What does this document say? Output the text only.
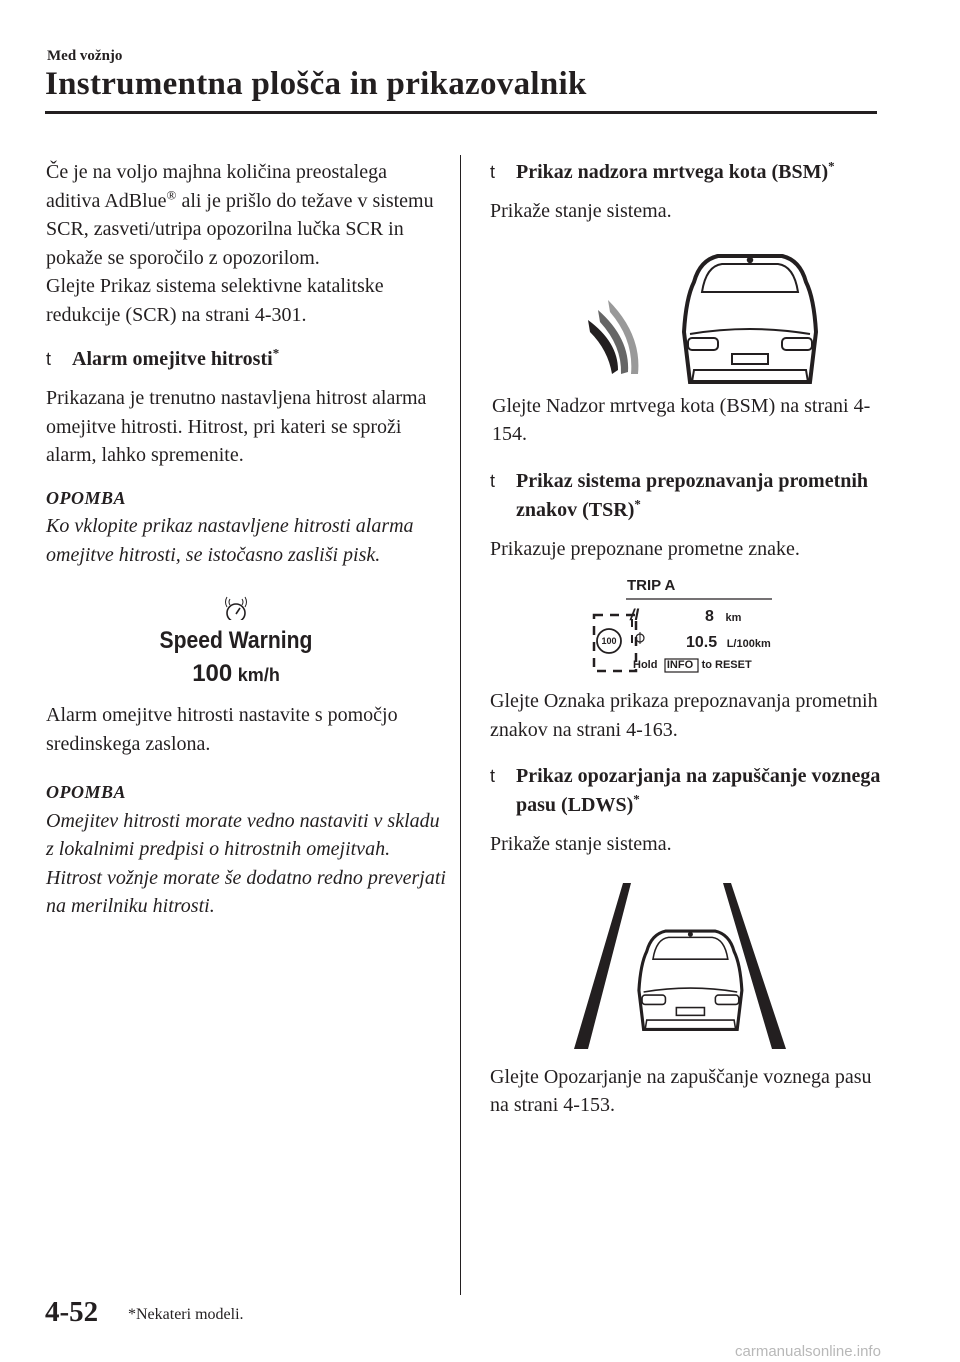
Med vožnjo
Instrumentna plošča in prikazovalnik

Če je na voljo majhna količina preostalega aditiva AdBlue® ali je prišlo do težave v sistemu SCR, zasveti/utripa opozorilna lučka SCR in pokaže se sporočilo z opozorilom.

Glejte Prikaz sistema selektivne katalitske redukcije (SCR) na strani 4-301.

t Alarm omejitve hitrosti*

Prikazana je trenutno nastavljena hitrost alarma omejitve hitrosti. Hitrost, pri kateri se sproži alarm, lahko spremenite.

OPOMBA

Ko vklopite prikaz nastavljene hitrosti alarma omejitve hitrosti, se istočasno zasliši pisk.

Speed Warning
100 km/h

Alarm omejitve hitrosti nastavite s pomočjo sredinskega zaslona.

OPOMBA

Omejitev hitrosti morate vedno nastaviti v skladu z lokalnimi predpisi o hitrostnih omejitvah. Hitrost vožnje morate še dodatno redno preverjati na merilniku hitrosti.

t Prikaz nadzora mrtvega kota (BSM)*

Prikaže stanje sistema.

Glejte Nadzor mrtvega kota (BSM) na strani 4-154.

t Prikaz sistema prepoznavanja prometnih znakov (TSR)*

Prikazuje prepoznane prometne znake.

TRIP A
/l
100
8 km
10.5 L/100km
Hold INFO to RESET

Glejte Oznaka prikaza prepoznavanja prometnih znakov na strani 4-163.

t Prikaz opozarjanja na zapuščanje voznega pasu (LDWS)*

Prikaže stanje sistema.

Glejte Opozarjanje na zapuščanje voznega pasu na strani 4-153.

4-52 *Nekateri modeli.
carmanualsonline.info
